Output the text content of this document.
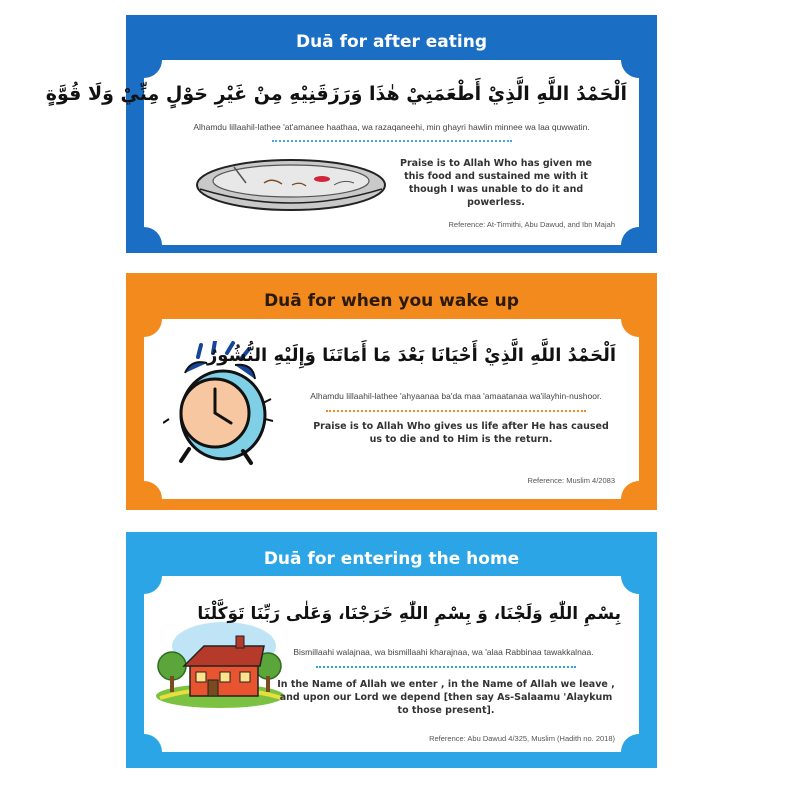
Duā for after eating
اَلْحَمْدُ اللَّهِ الَّذِيْ أَطْعَمَنِيْ هٰذَا وَرَزَقَنِيْهِ مِنْ غَيْرِ حَوْلٍ مِنِّيْ وَلَا قُوَّةٍ
Alhamdu lillaahil-lathee 'at'amanee haathaa, wa razaqaneehi, min ghayri hawlin minnee wa laa quwwatin.
Praise is to Allah Who has given me this food and sustained me with it though I was unable to do it and powerless.
Reference: At-Tirmithi, Abu Dawud, and Ibn Majah
Duā for when you wake up
اَلْحَمْدُ اللَّهِ الَّذِيْ أَحْيَانَا بَعْدَ مَا أَمَاتَنَا وَإِلَيْهِ النُّشُورُ
Alhamdu lillaahil-lathee 'ahyaanaa ba'da maa 'amaatanaa wa'ilayhin-nushoor.
Praise is to Allah Who gives us life after He has caused us to die and to Him is the return.
Reference: Muslim 4/2083
Duā for entering the home
بِسْمِ اللّٰهِ وَلَجْنَا، وَ بِسْمِ اللّٰهِ خَرَجْنَا، وَعَلٰى رَبِّنَا تَوَكَّلْنَا
Bismillaahi walajnaa, wa bismillaahi kharajnaa, wa 'alaa Rabbinaa tawakkalnaa.
In the Name of Allah we enter , in the Name of Allah we leave , and upon our Lord we depend [then say As-Salaamu 'Alaykum to those present].
Reference: Abu Dawud 4/325, Muslim (Hadith no. 2018)
